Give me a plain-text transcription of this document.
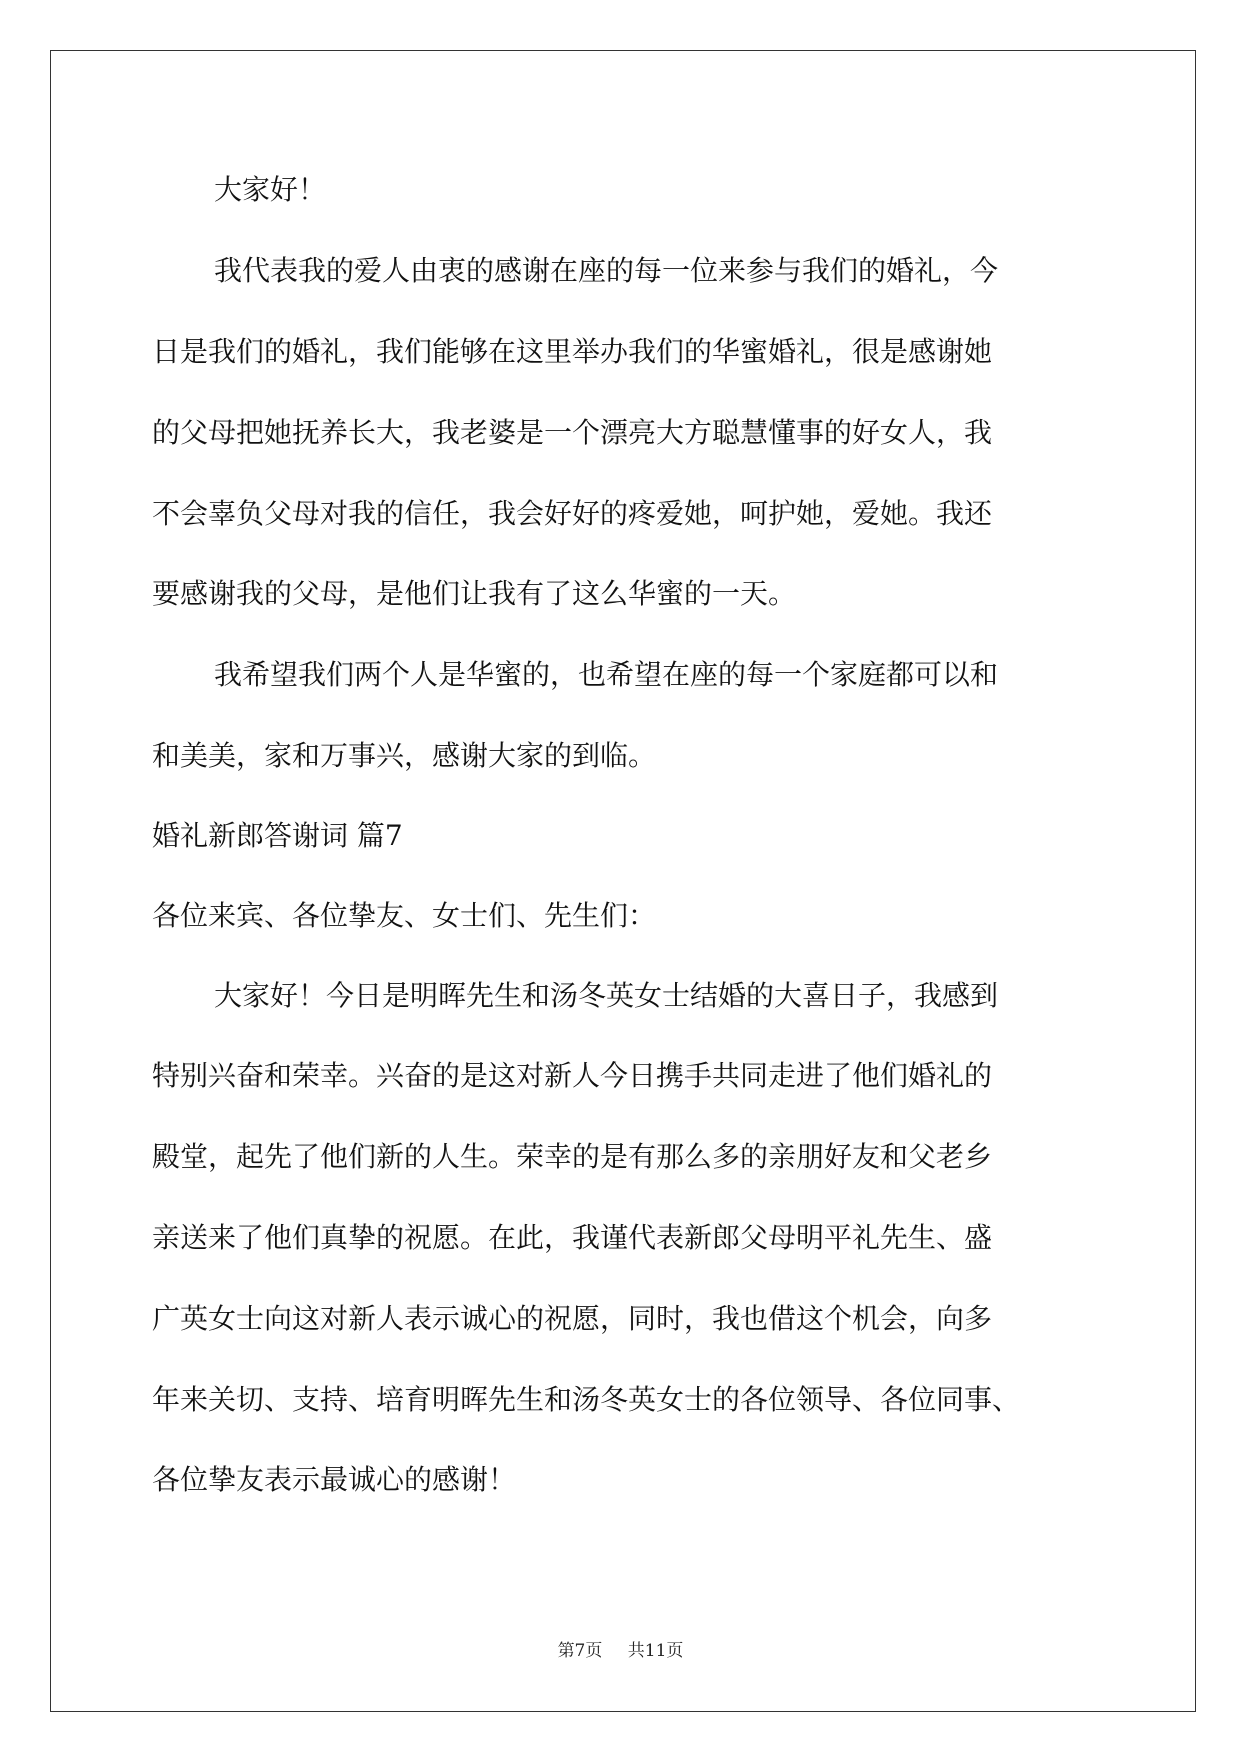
大家好！
我代表我的爱人由衷的感谢在座的每一位来参与我们的婚礼，今
日是我们的婚礼，我们能够在这里举办我们的华蜜婚礼，很是感谢她
的父母把她抚养长大，我老婆是一个漂亮大方聪慧懂事的好女人，我
不会辜负父母对我的信任，我会好好的疼爱她，呵护她，爱她。我还
要感谢我的父母，是他们让我有了这么华蜜的一天。
我希望我们两个人是华蜜的，也希望在座的每一个家庭都可以和
和美美，家和万事兴，感谢大家的到临。
婚礼新郎答谢词 篇7
各位来宾、各位挚友、女士们、先生们：
大家好！今日是明晖先生和汤冬英女士结婚的大喜日子，我感到
特别兴奋和荣幸。兴奋的是这对新人今日携手共同走进了他们婚礼的
殿堂，起先了他们新的人生。荣幸的是有那么多的亲朋好友和父老乡
亲送来了他们真挚的祝愿。在此，我谨代表新郎父母明平礼先生、盛
广英女士向这对新人表示诚心的祝愿，同时，我也借这个机会，向多
年来关切、支持、培育明晖先生和汤冬英女士的各位领导、各位同事、
各位挚友表示最诚心的感谢！
第7页 共11页
